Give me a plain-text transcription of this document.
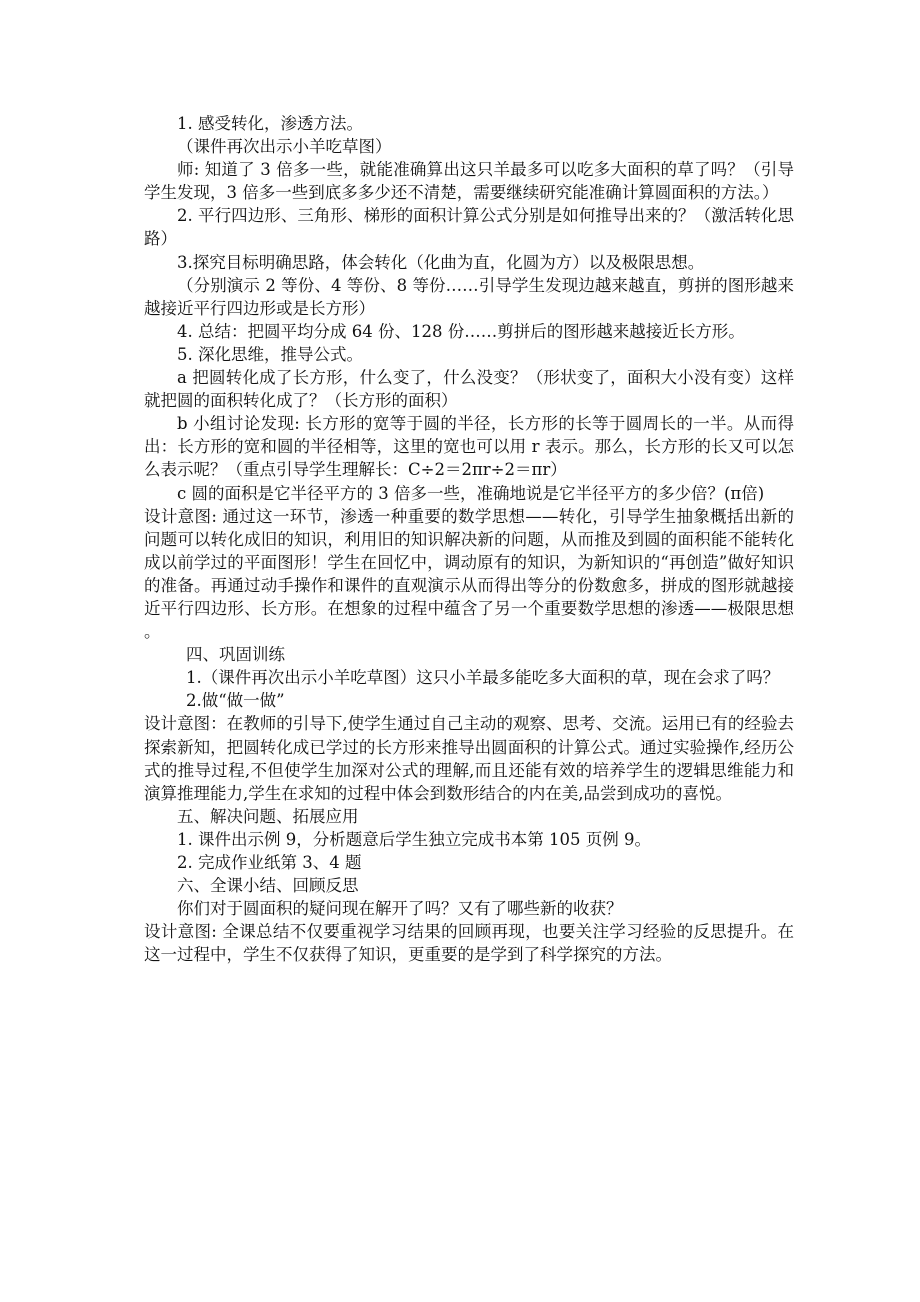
1. 感受转化，渗透方法。

（课件再次出示小羊吃草图）

师: 知道了 3 倍多一些，就能准确算出这只羊最多可以吃多大面积的草了吗？（引导学生发现，3 倍多一些到底多多少还不清楚，需要继续研究能准确计算圆面积的方法。）

2. 平行四边形、三角形、梯形的面积计算公式分别是如何推导出来的？（激活转化思路）

3.探究目标明确思路，体会转化（化曲为直，化圆为方）以及极限思想。

（分别演示 2 等份、4 等份、8 等份……引导学生发现边越来越直，剪拼的图形越来越接近平行四边形或是长方形）

4. 总结：把圆平均分成 64 份、128 份……剪拼后的图形越来越接近长方形。

5. 深化思维，推导公式。

a 把圆转化成了长方形，什么变了，什么没变？（形状变了，面积大小没有变）这样就把圆的面积转化成了？（长方形的面积）

b 小组讨论发现: 长方形的宽等于圆的半径，长方形的长等于圆周长的一半。从而得出：长方形的宽和圆的半径相等，这里的宽也可以用 r 表示。那么，长方形的长又可以怎么表示呢？（重点引导学生理解长：C÷2＝2πr÷2＝πr）

c 圆的面积是它半径平方的 3 倍多一些，准确地说是它半径平方的多少倍？(π倍)

设计意图: 通过这一环节，渗透一种重要的数学思想——转化，引导学生抽象概括出新的问题可以转化成旧的知识，利用旧的知识解决新的问题，从而推及到圆的面积能不能转化成以前学过的平面图形！学生在回忆中，调动原有的知识，为新知识的“再创造”做好知识的准备。再通过动手操作和课件的直观演示从而得出等分的份数愈多，拼成的图形就越接近平行四边形、长方形。在想象的过程中蕴含了另一个重要数学思想的渗透——极限思想。

四、巩固训练

1.（课件再次出示小羊吃草图）这只小羊最多能吃多大面积的草，现在会求了吗？

2.做“做一做”

设计意图：在教师的引导下,使学生通过自己主动的观察、思考、交流。运用已有的经验去探索新知，把圆转化成已学过的长方形来推导出圆面积的计算公式。通过实验操作,经历公式的推导过程,不但使学生加深对公式的理解,而且还能有效的培养学生的逻辑思维能力和演算推理能力,学生在求知的过程中体会到数形结合的内在美,品尝到成功的喜悦。

五、解决问题、拓展应用

1. 课件出示例 9，分析题意后学生独立完成书本第 105 页例 9。

2. 完成作业纸第 3、4 题

六、全课小结、回顾反思

你们对于圆面积的疑问现在解开了吗？又有了哪些新的收获？

设计意图: 全课总结不仅要重视学习结果的回顾再现，也要关注学习经验的反思提升。在这一过程中，学生不仅获得了知识，更重要的是学到了科学探究的方法。
